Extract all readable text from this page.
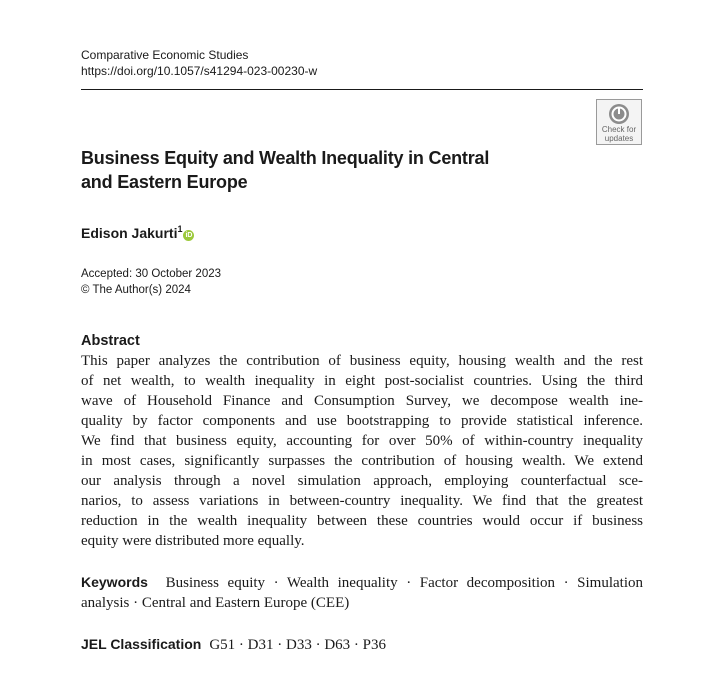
Comparative Economic Studies
https://doi.org/10.1057/s41294-023-00230-w
Check for
updates
Business Equity and Wealth Inequality in Central
and Eastern Europe
Edison Jakurti$^1$iD
Accepted: 30 October 2023
© The Author(s) 2024
Abstract
This paper analyzes the contribution of business equity, housing wealth and the rest
of net wealth, to wealth inequality in eight post-socialist countries. Using the third
wave of Household Finance and Consumption Survey, we decompose wealth ine-
quality by factor components and use bootstrapping to provide statistical inference.
We find that business equity, accounting for over 50% of within-country inequality
in most cases, significantly surpasses the contribution of housing wealth. We extend
our analysis through a novel simulation approach, employing counterfactual sce-
narios, to assess variations in between-country inequality. We find that the greatest
reduction in the wealth inequality between these countries would occur if business
equity were distributed more equally.
Keywords Business equity · Wealth inequality · Factor decomposition · Simulation
analysis · Central and Eastern Europe (CEE)
JEL Classification G51 · D31 · D33 · D63 · P36
